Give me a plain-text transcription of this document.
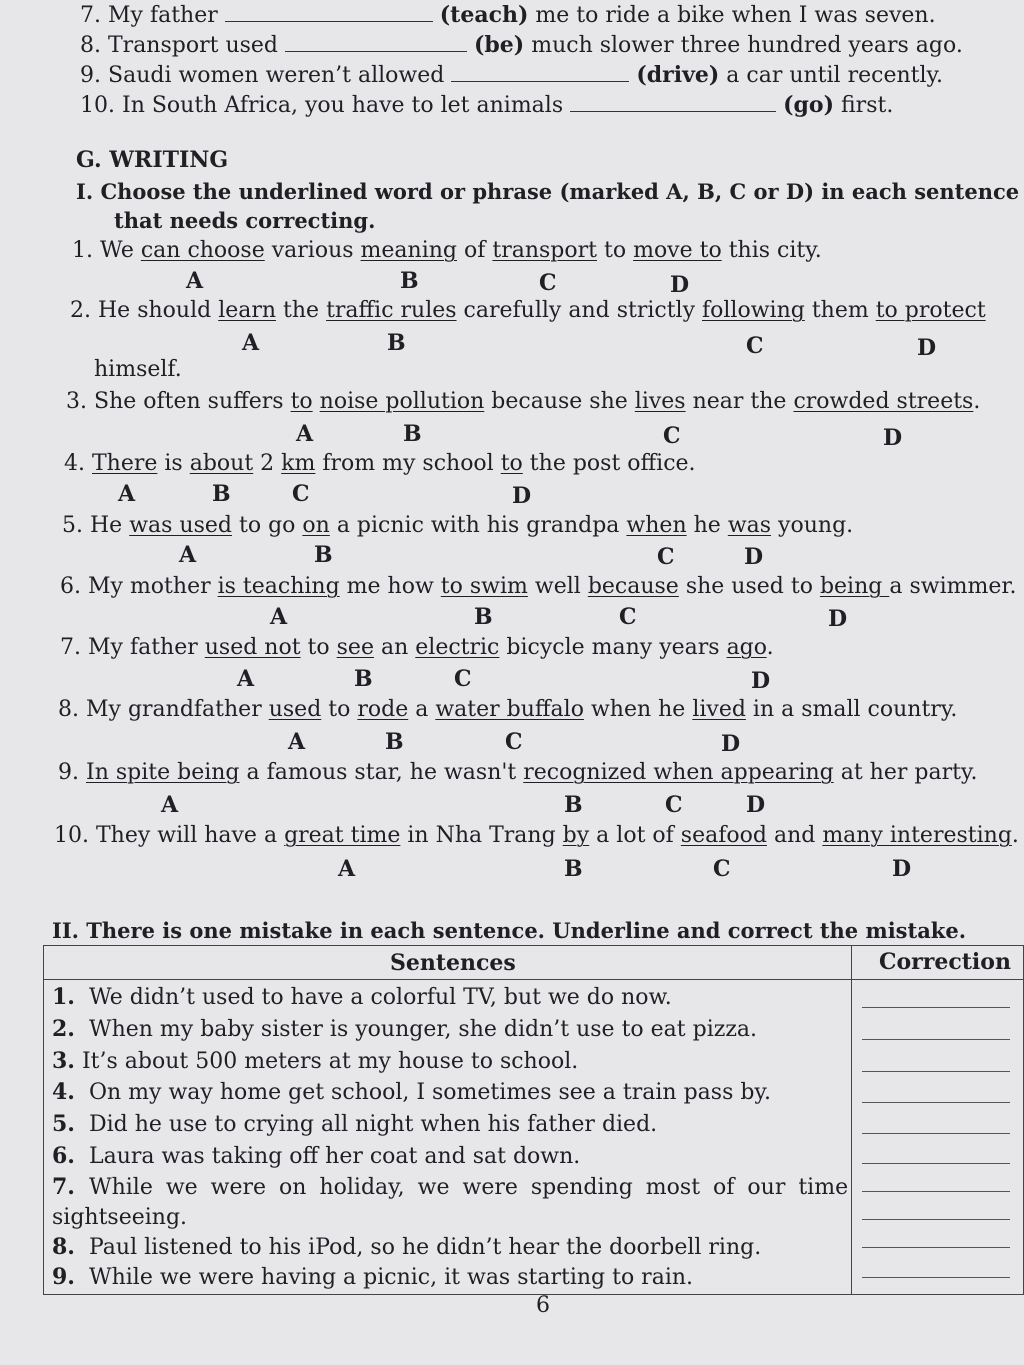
7. My father	(teach) me to ride a bike when I was seven.
8. Transport used	(be) much slower three hundred years ago.
9. Saudi women weren’t allowed	(drive) a car until recently.
10. In South Africa, you have to let animals	(go) first.
G. WRITING
I. Choose the underlined word or phrase (marked A, B, C or D) in each sentence
that needs correcting.
1. We can choose various meaning of transport to move to this city.
A	B	C	D
2. He should learn the traffic rules carefully and strictly following them to protect
A	B	C	D
himself.
3. She often suffers to noise pollution because she lives near the crowded streets.
A	B	C	D
4. There is about 2 km from my school to the post office.
A	B	C	D
5. He was used to go on a picnic with his grandpa when he was young.
A	B	C	D
6. My mother is teaching me how to swim well because she used to being a swimmer.
A	B	C	D
7. My father used not to see an electric bicycle many years ago.
A	B	C	D
8. My grandfather used to rode a water buffalo when he lived in a small country.
A	B	C	D
9. In spite being a famous star, he wasn't recognized when appearing at her party.
A	B	C	D
10. They will have a great time in Nha Trang by a lot of seafood and many interesting.
A	B	C	D
II. There is one mistake in each sentence. Underline and correct the mistake.
Sentences	Correction
1. We didn’t used to have a colorful TV, but we do now.
2. When my baby sister is younger, she didn’t use to eat pizza.
3. It’s about 500 meters at my house to school.
4. On my way home get school, I sometimes see a train pass by.
5. Did he use to crying all night when his father died.
6. Laura was taking off her coat and sat down.
7. While we were on holiday, we were spending most of our time
sightseeing.
8. Paul listened to his iPod, so he didn’t hear the doorbell ring.
9. While we were having a picnic, it was starting to rain.
6
